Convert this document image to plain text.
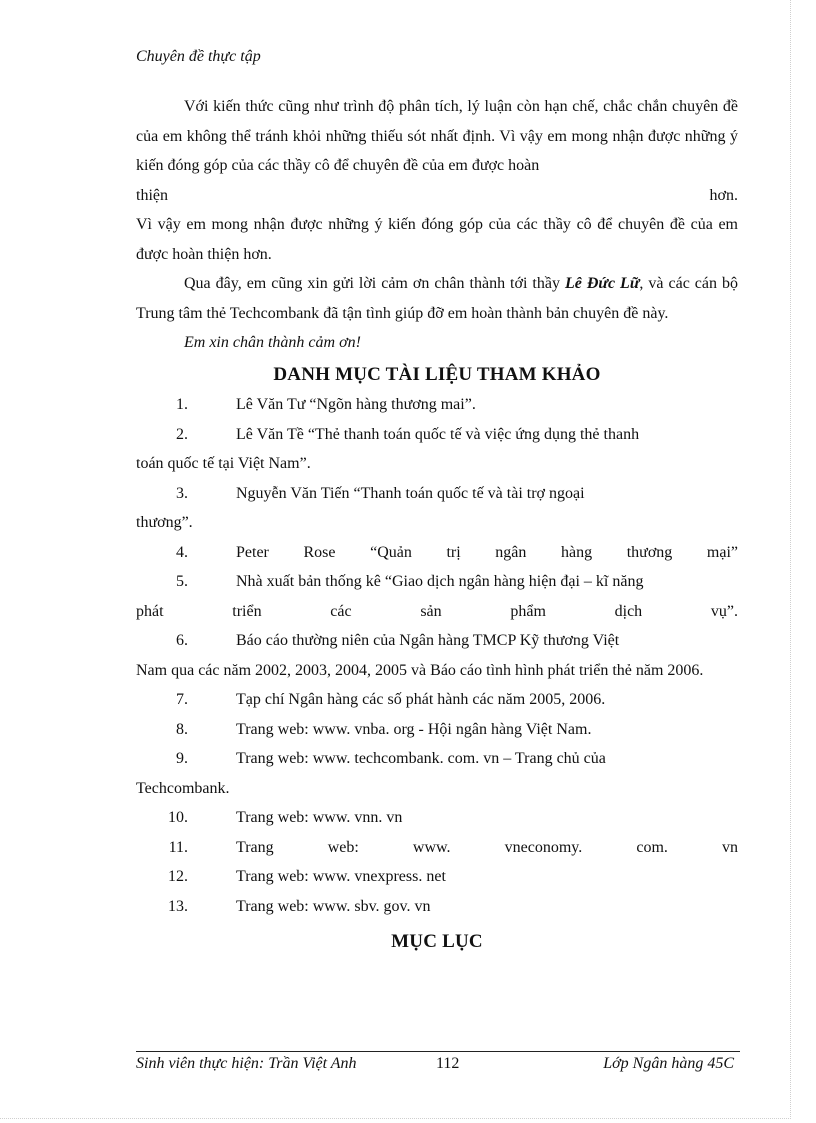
Chuyên đề thực tập

Với kiến thức cũng như trình độ phân tích, lý luận còn hạn chế, chắc chắn chuyên đề của em không thể tránh khỏi những thiếu sót nhất định. Vì vậy em mong nhận được những ý kiến đóng góp của các thầy cô để chuyên đề của em được hoàn

thiện hơn.

Vì vậy em mong nhận được những ý kiến đóng góp của các thầy cô để chuyên đề của em được hoàn thiện hơn.

Qua đây, em cũng xin gửi lời cảm ơn chân thành tới thầy Lê Đức Lữ, và các cán bộ Trung tâm thẻ Techcombank đã tận tình giúp đỡ em hoàn thành bản chuyên đề này.

Em xin chân thành cảm ơn!

DANH MỤC TÀI LIỆU THAM KHẢO
1.	Lê Văn Tư “Ngõn hàng thương mai”.
2.	Lê Văn Tề “Thẻ thanh toán quốc tế và việc ứng dụng thẻ thanh

toán quốc tế tại Việt Nam”.

3.	Nguyễn Văn Tiến “Thanh toán quốc tế và tài trợ ngoại

thương”.

4.	Peter Rose “Quản trị ngân hàng thương mại”
5.	Nhà xuất bản thống kê “Giao dịch ngân hàng hiện đại – kĩ năng

phát triển các sản phẩm dịch vụ”.

6.	Báo cáo thường niên của Ngân hàng TMCP Kỹ thương Việt

Nam qua các năm 2002, 2003, 2004, 2005 và Báo cáo tình hình phát triển thẻ năm 2006.

7.	Tạp chí Ngân hàng các số phát hành các năm 2005, 2006.
8.	Trang web: www. vnba. org - Hội ngân hàng Việt Nam.
9.	Trang web: www. techcombank. com. vn – Trang chủ của

Techcombank.

10.	Trang web: www. vnn. vn
11.	Trang web: www. vneconomy. com. vn
12.	Trang web: www. vnexpress. net
13.	Trang web: www. sbv. gov. vn
MỤC LỤC
Sinh viên thực hiện: Trần Việt Anh	112	Lớp Ngân hàng 45C
